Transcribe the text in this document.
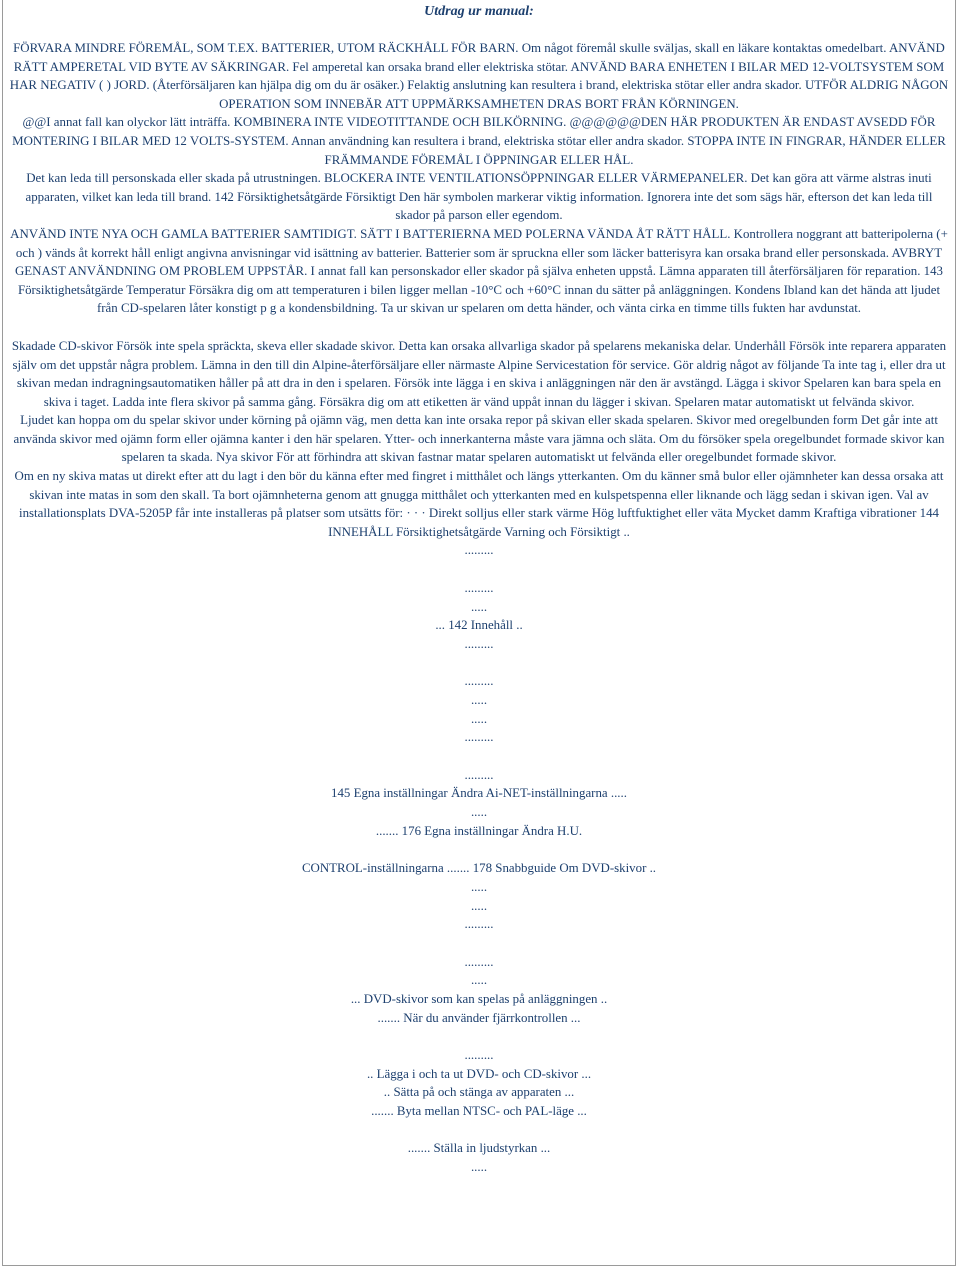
Utdrag ur manual:

FÖRVARA MINDRE FÖREMÅL, SOM T.EX. BATTERIER, UTOM RÄCKHÅLL FÖR BARN. Om något föremål skulle sväljas, skall en läkare kontaktas omedelbart. ANVÄND RÄTT AMPERETAL VID BYTE AV SÄKRINGAR. Fel amperetal kan orsaka brand eller elektriska stötar. ANVÄND BARA ENHETEN I BILAR MED 12-VOLTSYSTEM SOM HAR NEGATIV ( ) JORD. (Återförsäljaren kan hjälpa dig om du är osäker.) Felaktig anslutning kan resultera i brand, elektriska stötar eller andra skador. UTFÖR ALDRIG NÅGON OPERATION SOM INNEBÄR ATT UPPMÄRKSAMHETEN DRAS BORT FRÅN KÖRNINGEN.

@@I annat fall kan olyckor lätt inträffa. KOMBINERA INTE VIDEOTITTANDE OCH BILKÖRNING. @@@@@@DEN HÄR PRODUKTEN ÄR ENDAST AVSEDD FÖR MONTERING I BILAR MED 12 VOLTS-SYSTEM. Annan användning kan resultera i brand, elektriska stötar eller andra skador. STOPPA INTE IN FINGRAR, HÄNDER ELLER FRÄMMANDE FÖREMÅL I ÖPPNINGAR ELLER HÅL.

Det kan leda till personskada eller skada på utrustningen. BLOCKERA INTE VENTILATIONSÖPPNINGAR ELLER VÄRMEPANELER. Det kan göra att värme alstras inuti apparaten, vilket kan leda till brand. 142 Försiktighetsåtgärde Försiktigt Den här symbolen markerar viktig information. Ignorera inte det som sägs här, efterson det kan leda till skador på parson eller egendom.

ANVÄND INTE NYA OCH GAMLA BATTERIER SAMTIDIGT. SÄTT I BATTERIERNA MED POLERNA VÄNDA ÅT RÄTT HÅLL. Kontrollera noggrant att batteripolerna (+ och ) vänds åt korrekt håll enligt angivna anvisningar vid isättning av batterier. Batterier som är spruckna eller som läcker batterisyra kan orsaka brand eller personskada. AVBRYT GENAST ANVÄNDNING OM PROBLEM UPPSTÅR. I annat fall kan personskador eller skador på själva enheten uppstå. Lämna apparaten till återförsäljaren för reparation. 143 Försiktighetsåtgärde Temperatur Försäkra dig om att temperaturen i bilen ligger mellan -10°C och +60°C innan du sätter på anläggningen. Kondens Ibland kan det hända att ljudet från CD-spelaren låter konstigt p g a kondensbildning. Ta ur skivan ur spelaren om detta händer, och vänta cirka en timme tills fukten har avdunstat.

Skadade CD-skivor Försök inte spela spräckta, skeva eller skadade skivor. Detta kan orsaka allvarliga skador på spelarens mekaniska delar. Underhåll Försök inte reparera apparaten själv om det uppstår några problem. Lämna in den till din Alpine-återförsäljare eller närmaste Alpine Servicestation för service. Gör aldrig något av följande Ta inte tag i, eller dra ut skivan medan indragningsautomatiken håller på att dra in den i spelaren. Försök inte lägga i en skiva i anläggningen när den är avstängd. Lägga i skivor Spelaren kan bara spela en skiva i taget. Ladda inte flera skivor på samma gång. Försäkra dig om att etiketten är vänd uppåt innan du lägger i skivan. Spelaren matar automatiskt ut felvända skivor.

Ljudet kan hoppa om du spelar skivor under körning på ojämn väg, men detta kan inte orsaka repor på skivan eller skada spelaren. Skivor med oregelbunden form Det går inte att använda skivor med ojämn form eller ojämna kanter i den här spelaren. Ytter- och innerkanterna måste vara jämna och släta. Om du försöker spela oregelbundet formade skivor kan spelaren ta skada. Nya skivor För att förhindra att skivan fastnar matar spelaren automatiskt ut felvända eller oregelbundet formade skivor.

Om en ny skiva matas ut direkt efter att du lagt i den bör du känna efter med fingret i mitthålet och längs ytterkanten. Om du känner små bulor eller ojämnheter kan dessa orsaka att skivan inte matas in som den skall. Ta bort ojämnheterna genom att gnugga mitthålet och ytterkanten med en kulspetspenna eller liknande och lägg sedan i skivan igen. Val av installationsplats DVA-5205P får inte installeras på platser som utsätts för: · · · Direkt solljus eller stark värme Hög luftfuktighet eller väta Mycket damm Kraftiga vibrationer 144 INNEHÅLL Försiktighetsåtgärde Varning och Försiktigt ..

.........
.........
.....
... 142 Innehåll ..
.........
.........
.....
.....
.........
.........
145 Egna inställningar Ändra Ai-NET-inställningarna .....
.....
....... 176 Egna inställningar Ändra H.U.
CONTROL-inställningarna ....... 178 Snabbguide Om DVD-skivor ..
.....
.....
.........
.........
.....
... DVD-skivor som kan spelas på anläggningen ..
....... När du använder fjärrkontrollen ...
.........
.. Lägga i och ta ut DVD- och CD-skivor ...
.. Sätta på och stänga av apparaten ...
....... Byta mellan NTSC- och PAL-läge ...
....... Ställa in ljudstyrkan ...
.....
